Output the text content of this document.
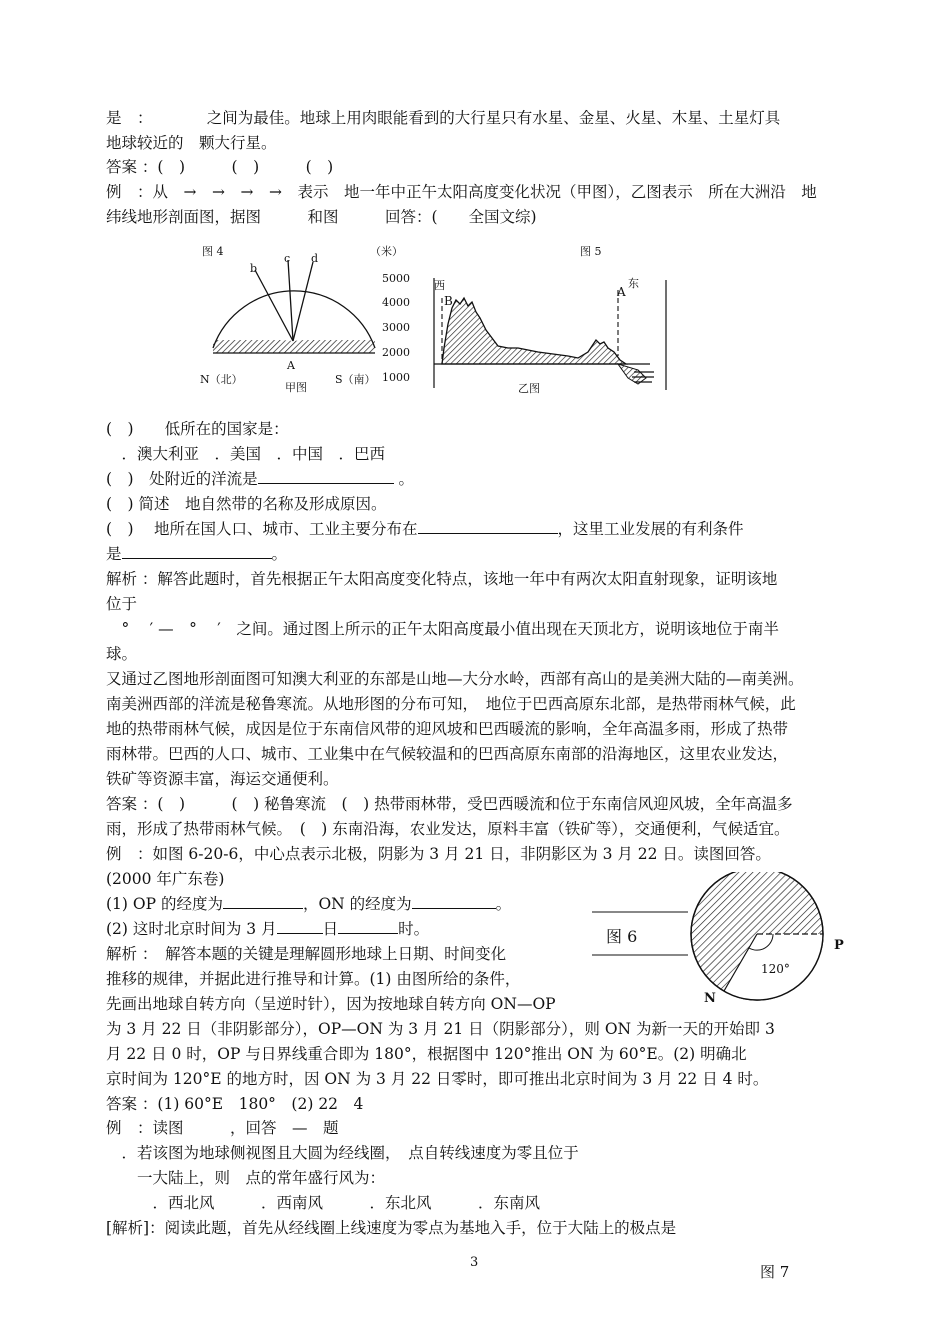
是　：　　　　之间为最佳。地球上用肉眼能看到的大行星只有水星、金星、火星、木星、土星灯具
地球较近的　颗大行星。
答案 ：(　)　　　(　)　　　(　)
例　：从　→　→　→　→　表示　地一年中正午太阳高度变化状况（甲图），乙图表示　所在大洲沿　地
纬线地形剖面图，据图　　　和图　　　回答：(　　全国文综)
图 4
b
c d
A
N（北）
甲图
S（南）
图 5
（米）
5000
4000
3000
2000
1000
西	东
B
A
乙图
(　)　　低所在的国家是：
　．澳大利亚　．美国　．中国　．巴西
(　)　处附近的洋流是	。
(　) 简述　地自然带的名称及形成原因。
(　)　 地所在国人口、城市、工业主要分布在	，这里工业发展的有利条件
是	。
解析 ：解答此题时，首先根据正午太阳高度变化特点，该地一年中有两次太阳直射现象，证明该地
位于
　°　 ′ —　°　 ′　之间。通过图上所示的正午太阳高度最小值出现在天顶北方，说明该地位于南半
球。
又通过乙图地形剖面图可知澳大利亚的东部是山地—大分水岭，西部有高山的是美洲大陆的—南美洲。
南美洲西部的洋流是秘鲁寒流。从地形图的分布可知，　地位于巴西高原东北部，是热带雨林气候，此
地的热带雨林气候，成因是位于东南信风带的迎风坡和巴西暖流的影响，全年高温多雨，形成了热带
雨林带。巴西的人口、城市、工业集中在气候较温和的巴西高原东南部的沿海地区，这里农业发达，
铁矿等资源丰富，海运交通便利。
答案 ：(　)　　　(　) 秘鲁寒流　(　) 热带雨林带，受巴西暖流和位于东南信风迎风坡，全年高温多
雨，形成了热带雨林气候。　(　) 东南沿海，农业发达，原料丰富（铁矿等），交通便利，气候适宜。
例　：如图 6-20-6，中心点表示北极，阴影为 3 月 21 日，非阴影区为 3 月 22 日。读图回答。
(2000 年广东卷)
(1) OP 的经度为	，ON 的经度为	。
(2) 这时北京时间为 3 月	日	时。
解析 ：　解答本题的关键是理解圆形地球上日期、时间变化
推移的规律，并据此进行推导和计算。(1) 由图所给的条件，
先画出地球自转方向（呈逆时针），因为按地球自转方向 ON—OP
为 3 月 22 日（非阴影部分），OP—ON 为 3 月 21 日（阴影部分），则 ON 为新一天的开始即 3
月 22 日 0 时，OP 与日界线重合即为 180°，根据图中 120°推出 ON 为 60°E。(2) 明确北
京时间为 120°E 的地方时，因 ON 为 3 月 22 日零时，即可推出北京时间为 3 月 22 日 4 时。
答案 ：(1) 60°E　180°　(2) 22　4
图 6	P
N
120°
例　：读图　　　，回答　—　题
　．若该图为地球侧视图且大圆为经线圈，　点自转线速度为零且位于
　　一大陆上，则　点的常年盛行风为：
　　　．西北风　　　．西南风　　　．东北风　　　．东南风
[解析]：阅读此题，首先从经线圈上线速度为零点为基地入手，位于大陆上的极点是
3
图 7
